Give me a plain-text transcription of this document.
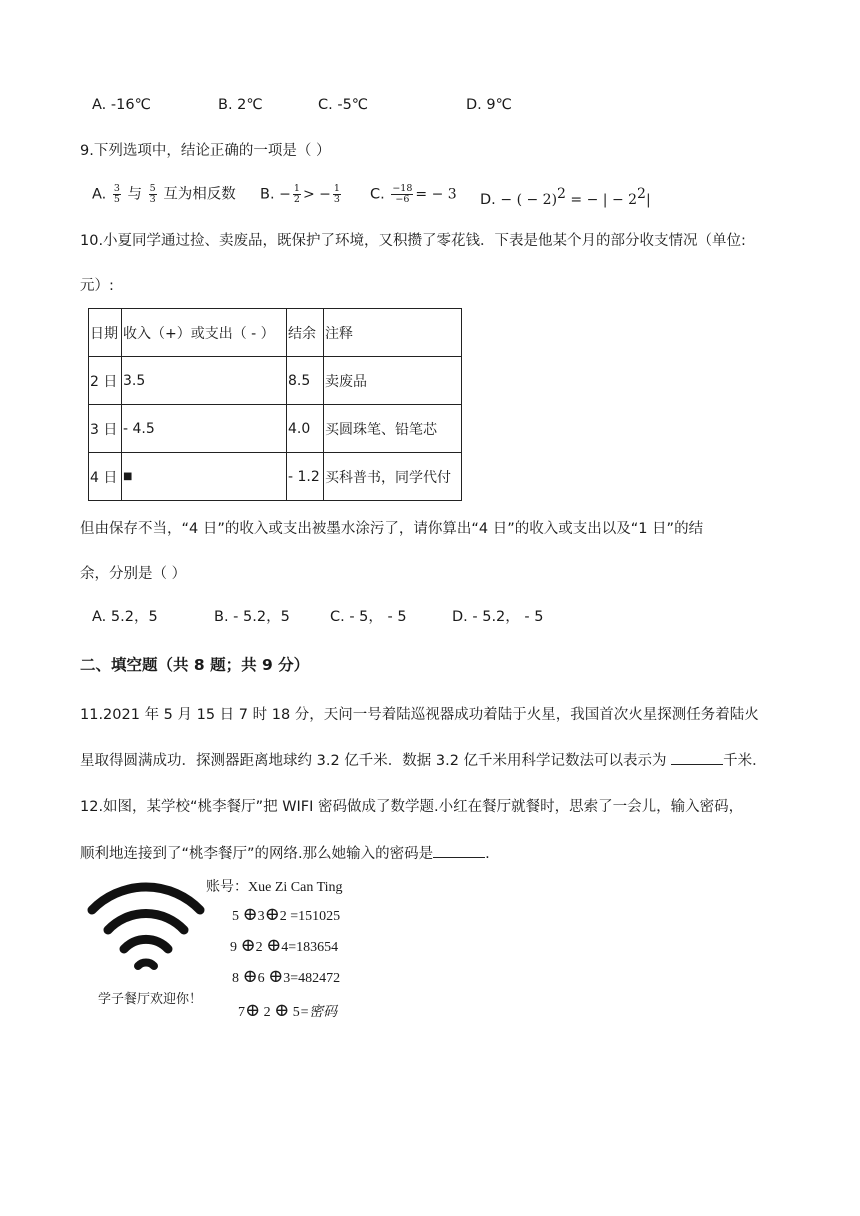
A. -16℃	B. 2℃	C. -5℃	D. 9℃
9.下列选项中，结论正确的一项是（ ）
A. $\frac{3}{5}$ 与 $\frac{5}{3}$ 互为相反数 B. − $\frac{1}{2}$ > − $\frac{1}{3} C$. $\frac{-18}{-6}$ = − 3 D. − ( − 2)$^2$ = − | − $2^2|$
10.小夏同学通过捡、卖废品，既保护了环境，又积攒了零花钱．下表是他某个月的部分收支情况（单位:
元）:
日期	收入（+）或支出（ - ）	结余	注释
2 日	3.5	8.5	卖废品
3 日	- 4.5	4.0	买圆珠笔、铅笔芯
4 日	■	- 1.2	买科普书，同学代付
但由保存不当，“4 日”的收入或支出被墨水涂污了，请你算出“4 日”的收入或支出以及“1 日”的结
余，分别是（ ）
A. 5.2，5	B. - 5.2，5	C. - 5， - 5	D. - 5.2， - 5
二、填空题（共 8 题；共 9 分）
11.2021 年 5 月 15 日 7 时 18 分，天问一号着陆巡视器成功着陆于火星，我国首次火星探测任务着陆火
星取得圆满成功．探测器距离地球约 3.2 亿千米．数据 3.2 亿千米用科学记数法可以表示为	千米．
12.如图，某学校“桃李餐厅”把 WIFI 密码做成了数学题.小红在餐厅就餐时，思索了一会儿，输入密码，
顺利地连接到了“桃李餐厅”的网络.那么她输入的密码是	.
学子餐厅欢迎你！
账号：Xue Zi Can Ting
5 ⊕3⊕2 =151025
9 ⊕2 ⊕4=183654
8 ⊕6 ⊕3=482472
7⊕ 2 ⊕ 5=密码
